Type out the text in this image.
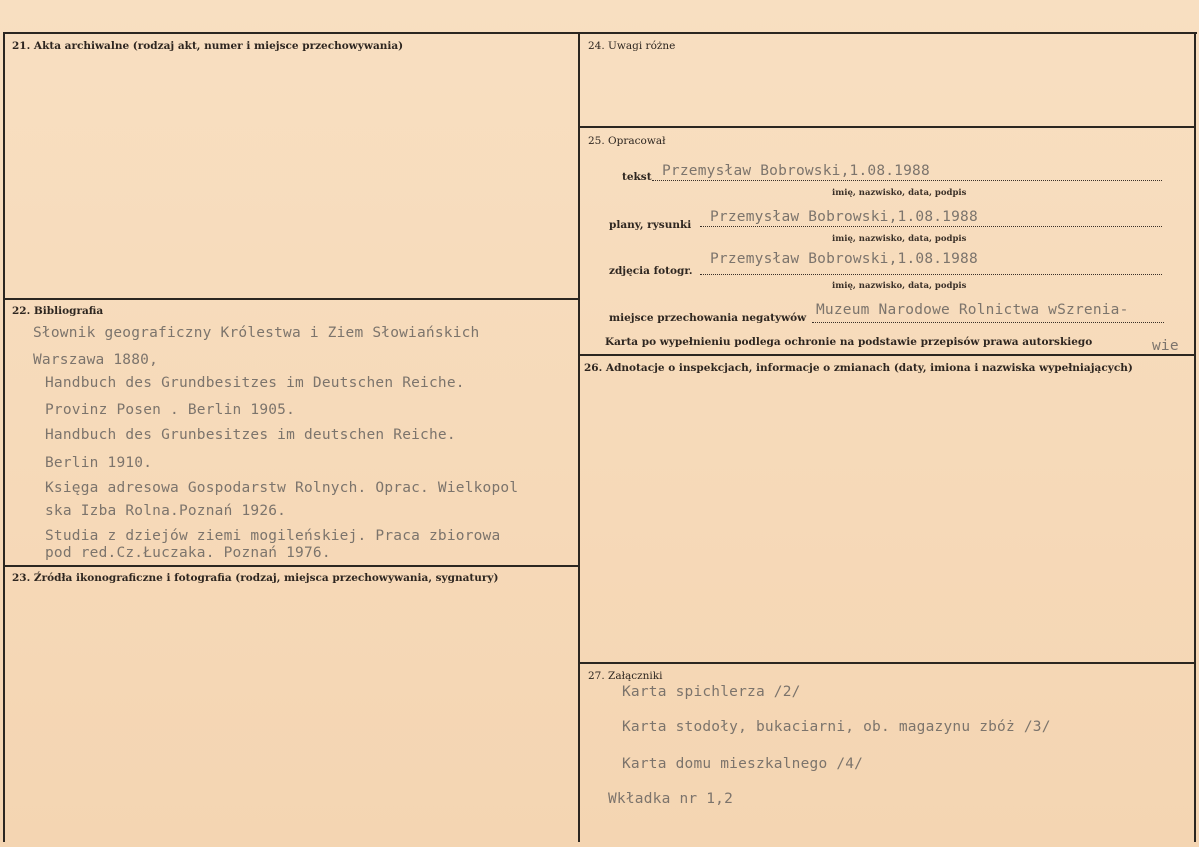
21. Akta archiwalne (rodzaj akt, numer i miejsce przechowywania)
22. Bibliografia
Słownik geograficzny Królestwa i Ziem Słowiańskich
Warszawa 1880,
Handbuch des Grundbesitzes im Deutschen Reiche.
Provinz Posen . Berlin 1905.
Handbuch des Grunbesitzes im deutschen Reiche.
Berlin 1910.
Księga adresowa Gospodarstw Rolnych. Oprac. Wielkopol
ska Izba Rolna.Poznań 1926.
Studia z dziejów ziemi mogileńskiej. Praca zbiorowa
pod red.Cz.Łuczaka. Poznań 1976.
23. Źródła ikonograficzne i fotografia (rodzaj, miejsca przechowywania, sygnatury)
24. Uwagi różne
25. Opracował
tekst Przemysław Bobrowski,1.08.1988
imię, nazwisko, data, podpis
plany, rysunki Przemysław Bobrowski,1.08.1988
imię, nazwisko, data, podpis
zdjęcia fotogr.
Przemysław Bobrowski,1.08.1988
imię, nazwisko, data, podpis
miejsce przechowania negatywów Muzeum Narodowe Rolnictwa wSzrenia-
Karta po wypełnieniu podlega ochronie na podstawie przepisów prawa autorskiego	wie
26. Adnotacje o inspekcjach, informacje o zmianach (daty, imiona i nazwiska wypełniających)
27. Załączniki
Karta spichlerza /2/
Karta stodoły, bukaciarni, ob. magazynu zbóż /3/
Karta domu mieszkalnego /4/
Wkładka nr 1,2
